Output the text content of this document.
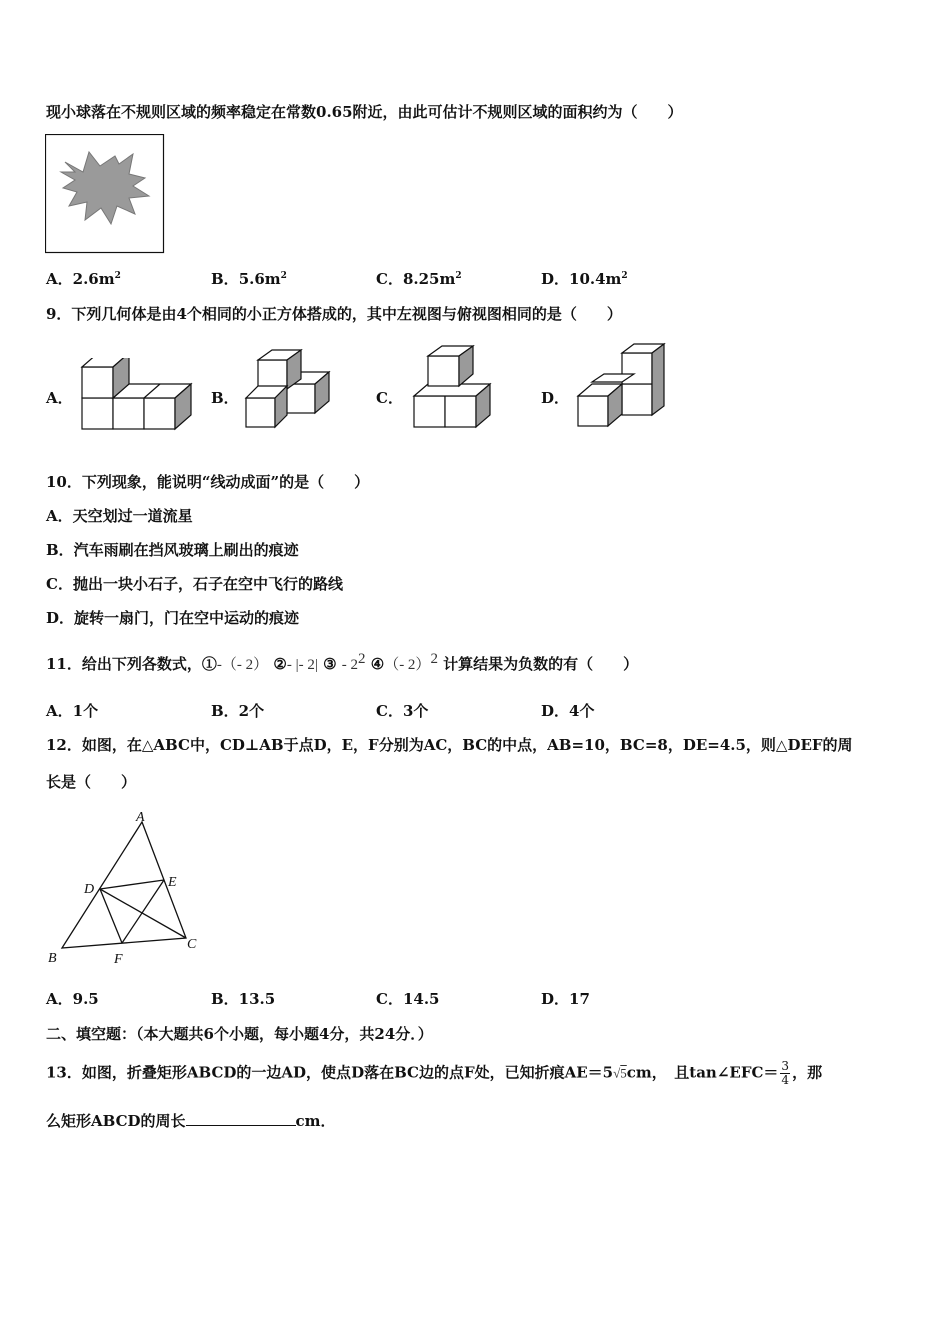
现小球落在不规则区域的频率稳定在常数0.65附近，由此可估计不规则区域的面积约为（　　）
A．$2.6m^2$	B．$5.6m^2$	C．$8.25m^2$	D．$10.4m^2$
9．下列几何体是由4个相同的小正方体搭成的，其中左视图与俯视图相同的是（　　）
A．	B．	C．	D．
10．下列现象，能说明“线动成面”的是（　　）
A．天空划过一道流星
B．汽车雨刷在挡风玻璃上刷出的痕迹
C．抛出一块小石子，石子在空中飞行的路线
D．旋转一扇门，门在空中运动的痕迹
11．给出下列各数式，①-（- 2） ②- |- 2| ③ - $2^2$ ④（- 2）$^2$ 计算结果为负数的有（　　）
A．1个	B．2个	C．3个	D．4个
12．如图，在△ABC中，CD⊥AB于点D，E，F分别为AC，BC的中点，AB=10，BC=8，DE=4.5，则△DEF的周
长是（　　）
A
B
C
D	E
F
A．9.5	B．13.5	C．14.5	D．17
二、填空题：（本大题共6个小题，每小题4分，共24分．）
13．如图，折叠矩形ABCD的一边AD，使点D落在BC边的点F处，已知折痕AE＝5√5cm，　且tan∠EFC＝ $\frac{3}{4}$ ，那
么矩形ABCD的周长	cm．
